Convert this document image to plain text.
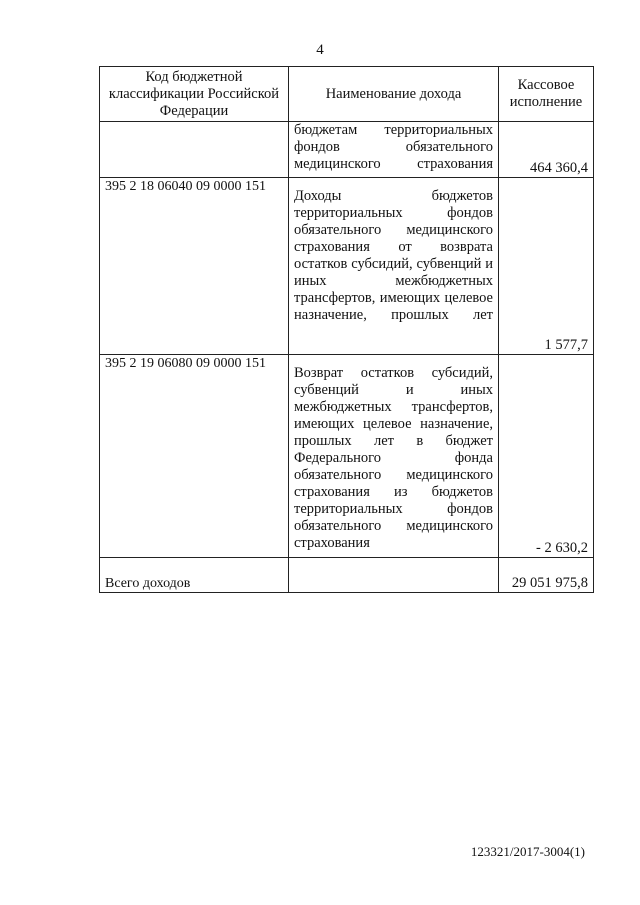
4
Код бюджетной классификации Российской Федерации	Наименование дохода	Кассовое исполнение
	бюджетам территориальных фондов обязательного медицинского страхования	464 360,4
395 2 18 06040 09 0000 151	Доходы бюджетов территориальных фондов обязательного медицинского страхования от возврата остатков субсидий, субвенций и иных межбюджетных трансфертов, имеющих целевое назначение, прошлых лет	1 577,7
395 2 19 06080 09 0000 151	Возврат остатков субсидий, субвенций и иных межбюджетных трансфертов, имеющих целевое назначение, прошлых лет в бюджет Федерального фонда обязательного медицинского страхования из бюджетов территориальных фондов обязательного медицинского страхования	- 2 630,2
Всего доходов		29 051 975,8
123321/2017-3004(1)
